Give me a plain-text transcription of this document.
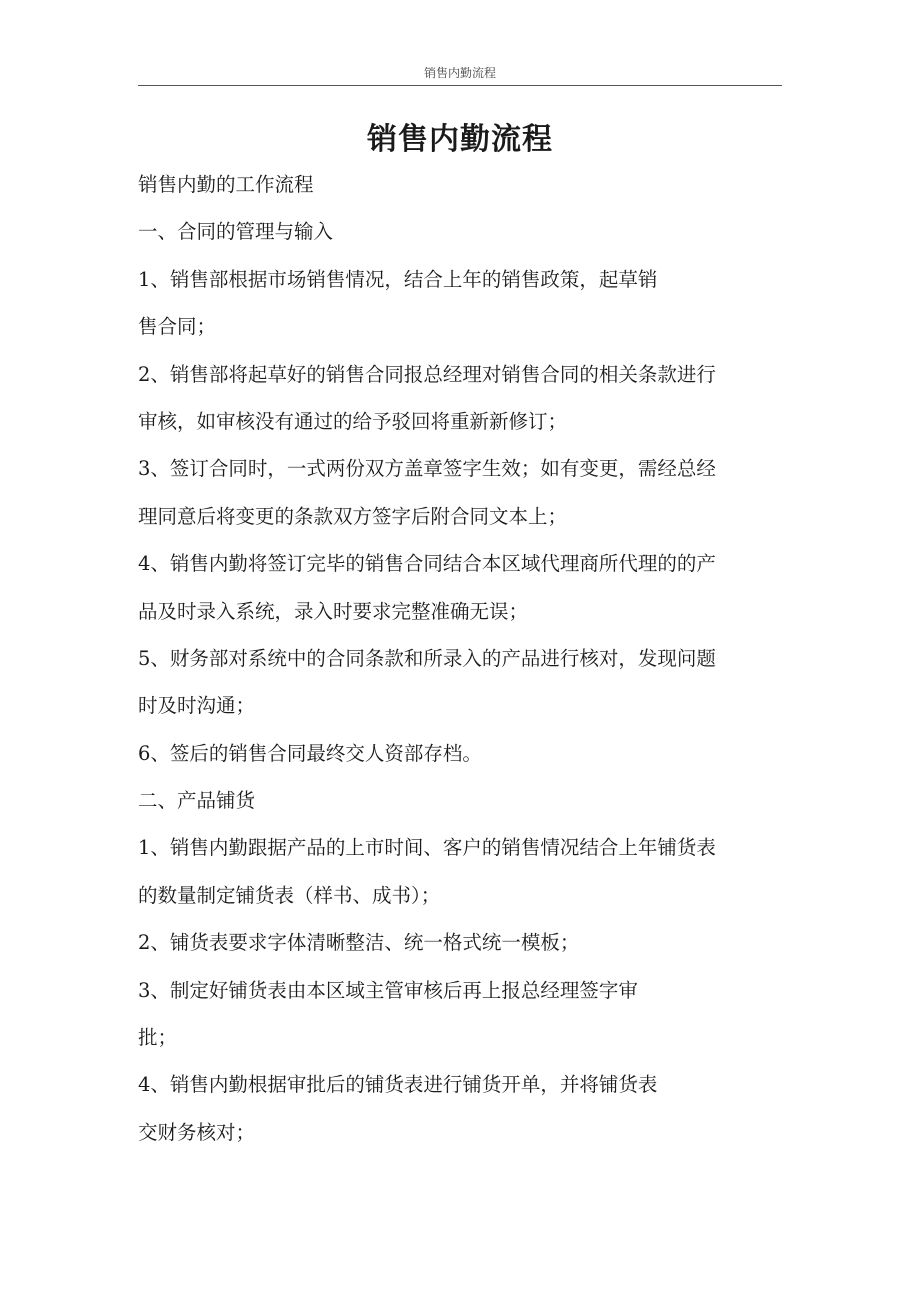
销售内勤流程
销售内勤流程

销售内勤的工作流程

一、合同的管理与输入

1、销售部根据市场销售情况，结合上年的销售政策，起草销

售合同；

2、销售部将起草好的销售合同报总经理对销售合同的相关条款进行

审核，如审核没有通过的给予驳回将重新新修订；

3、签订合同时，一式两份双方盖章签字生效；如有变更，需经总经

理同意后将变更的条款双方签字后附合同文本上；

4、销售内勤将签订完毕的销售合同结合本区域代理商所代理的的产

品及时录入系统，录入时要求完整准确无误；

5、财务部对系统中的合同条款和所录入的产品进行核对，发现问题

时及时沟通；

6、签后的销售合同最终交人资部存档。

二、产品铺货

1、销售内勤跟据产品的上市时间、客户的销售情况结合上年铺货表

的数量制定铺货表（样书、成书）；

2、铺货表要求字体清晰整洁、统一格式统一模板；

3、制定好铺货表由本区域主管审核后再上报总经理签字审

批；

4、销售内勤根据审批后的铺货表进行铺货开单，并将铺货表

交财务核对；
